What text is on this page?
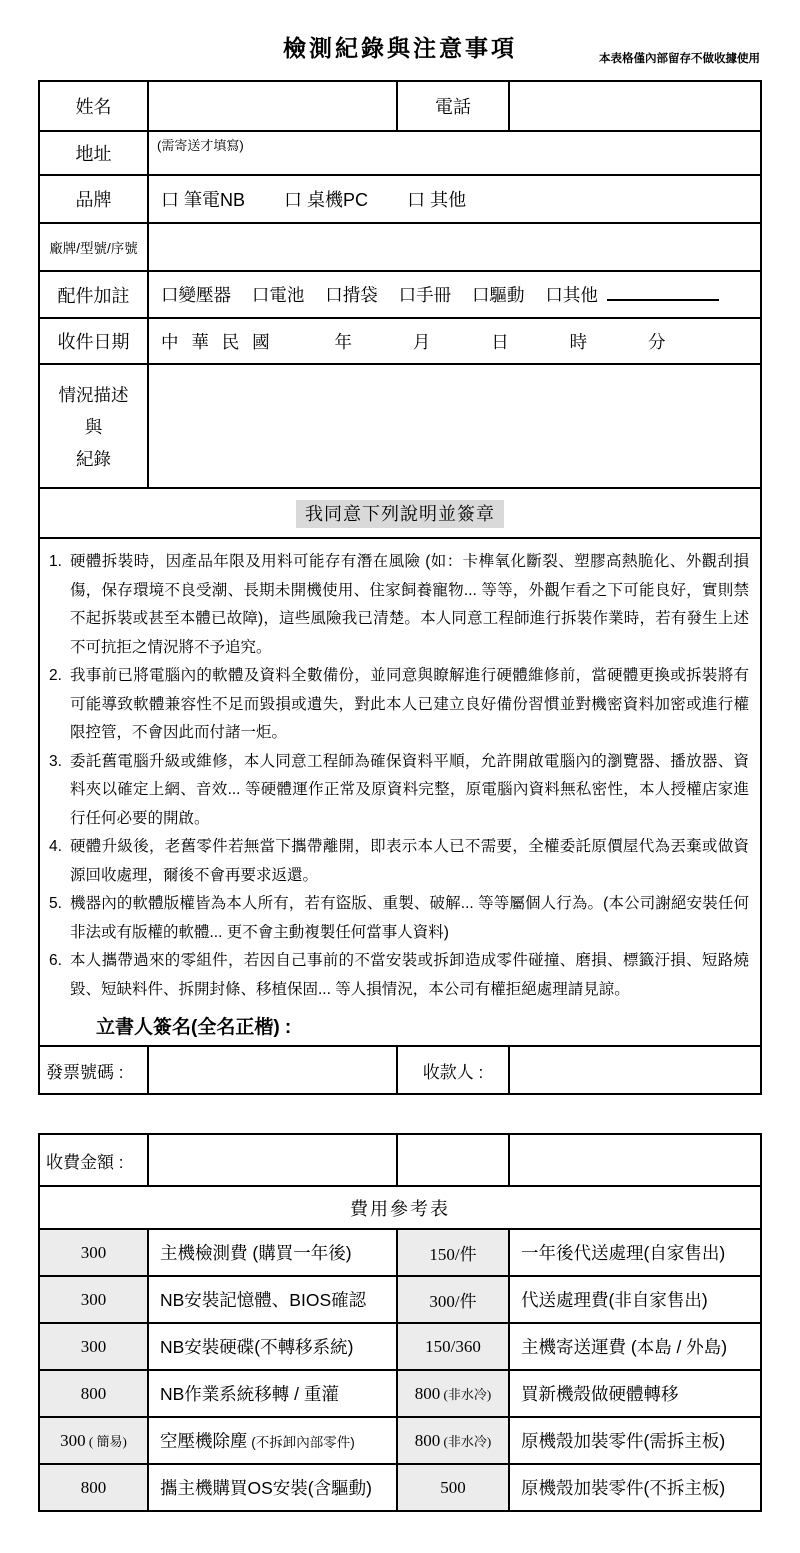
檢測紀錄與注意事項	本表格僅內部留存不做收據使用
姓名		電話	
地址	(需寄送才填寫)		
品牌	口 筆電NB 口 桌機PC 口 其他		
廠牌/型號/序號			
配件加註	口變壓器 口電池 口揹袋 口手冊 口驅動 口其他		
收件日期	中 華 民 國 年 月 日 時 分		

情況描述
與
紀錄			

我同意下列說明並簽章			

1. 硬體拆裝時，因產品年限及用料可能存有潛在風險 (如：卡榫氧化斷裂、塑膠高熱脆化、外觀刮損傷，保存環境不良受潮、長期未開機使用、住家飼養寵物... 等等，外觀乍看之下可能良好，實則禁不起拆裝或甚至本體已故障)，這些風險我已清楚。本人同意工程師進行拆裝作業時，若有發生上述不可抗拒之情況將不予追究。
2. 我事前已將電腦內的軟體及資料全數備份，並同意與瞭解進行硬體維修前，當硬體更換或拆裝將有可能導致軟體兼容性不足而毀損或遺失，對此本人已建立良好備份習慣並對機密資料加密或進行權限控管，不會因此而付諸一炬。
3. 委託舊電腦升級或維修，本人同意工程師為確保資料平順，允許開啟電腦內的瀏覽器、播放器、資料夾以確定上網、音效... 等硬體運作正常及原資料完整，原電腦內資料無私密性，本人授權店家進行任何必要的開啟。
4. 硬體升級後，老舊零件若無當下攜帶離開，即表示本人已不需要，全權委託原價屋代為丟棄或做資源回收處理，爾後不會再要求返還。
5. 機器內的軟體版權皆為本人所有，若有盜版、重製、破解... 等等屬個人行為。(本公司謝絕安裝任何非法或有版權的軟體... 更不會主動複製任何當事人資料)
6. 本人攜帶過來的零組件，若因自己事前的不當安裝或拆卸造成零件碰撞、磨損、標籤汙損、短路燒毀、短缺料件、拆開封條、移植保固... 等人損情況，本公司有權拒絕處理請見諒。
立書人簽名(全名正楷) :

發票號碼 :		收款人 :	
收費金額 :			
費用參考表			
300	主機檢測費 (購買一年後)	150/件	一年後代送處理(自家售出)
300	NB安裝記憶體、BIOS確認	300/件	代送處理費(非自家售出)
300	NB安裝硬碟(不轉移系統)	150/360	主機寄送運費 (本島 / 外島)
800	NB作業系統移轉 / 重灌	800 (非水冷)	買新機殼做硬體轉移
300 ( 簡易)	空壓機除塵 (不拆卸內部零件)	800 (非水冷)	原機殼加裝零件(需拆主板)
800	攜主機購買OS安裝(含驅動)	500	原機殼加裝零件(不拆主板)
